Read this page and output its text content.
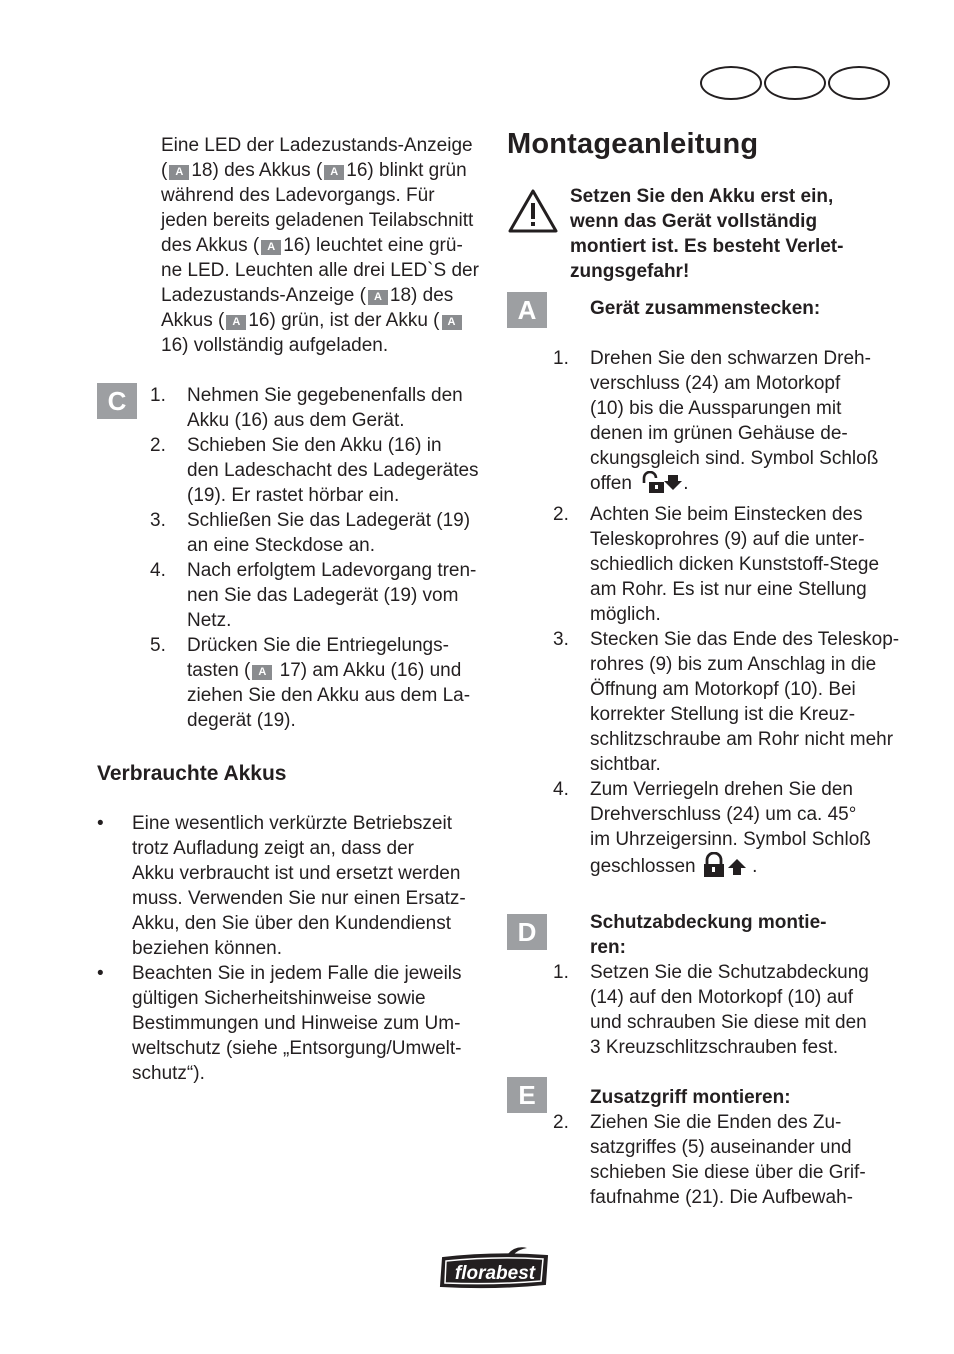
Eine LED der Ladezustands-Anzeige

( A 18) des Akkus ( A 16) blinkt grün

während des Ladevorgangs. Für

jeden bereits geladenen Teilabschnitt

des Akkus ( A 16) leuchtet eine grü-

ne LED. Leuchten alle drei LED`S der

Ladezustands-Anzeige ( A 18) des

Akkus ( A 16) grün, ist der Akku ( A

16) vollständig aufgeladen.

C	1.	Nehmen Sie gegebenenfalls den
Akku (16) aus dem Gerät.
2.	Schieben Sie den Akku (16) in
den Ladeschacht des Ladegerätes
(19). Er rastet hörbar ein.
3.	Schließen Sie das Ladegerät (19)
an eine Steckdose an.
4.	Nach erfolgtem Ladevorgang tren-
nen Sie das Ladegerät (19) vom
Netz.
5.	Drücken Sie die Entriegelungs-
tasten ( A 17) am Akku (16) und
ziehen Sie den Akku aus dem La-
degerät (19).
Verbrauchte Akkus
• Eine wesentlich verkürzte Betriebszeit
trotz Aufladung zeigt an, dass der
Akku verbraucht ist und ersetzt werden
muss. Verwenden Sie nur einen Ersatz-
Akku, den Sie über den Kundendienst
beziehen können.
• Beachten Sie in jedem Falle die jeweils
gültigen Sicherheitshinweise sowie
Bestimmungen und Hinweise zum Um-
weltschutz (siehe „Entsorgung/Umwelt-
schutz“).
Montageanleitung
Setzen Sie den Akku erst ein,
wenn das Gerät vollständig
montiert ist. Es besteht Verlet-
zungsgefahr!
A	Gerät zusammenstecken:

1.	Drehen Sie den schwarzen Dreh-
verschluss (24) am Motorkopf
(10) bis die Aussparungen mit
denen im grünen Gehäuse de-
ckungsgleich sind. Symbol Schloß
offen .
2.	Achten Sie beim Einstecken des
Teleskoprohres (9) auf die unter-
schiedlich dicken Kunststoff-Stege
am Rohr. Es ist nur eine Stellung
möglich.
3.	Stecken Sie das Ende des Teleskop-
rohres (9) bis zum Anschlag in die
Öffnung am Motorkopf (10). Bei
korrekter Stellung ist die Kreuz-
schlitzschraube am Rohr nicht mehr
sichtbar.
4.	Zum Verriegeln drehen Sie den
Drehverschluss (24) um ca. 45°
im Uhrzeigersinn. Symbol Schloß
geschlossen  .
D	Schutzabdeckung montie-
ren:

1.	Setzen Sie die Schutzabdeckung
(14) auf den Motorkopf (10) auf
und schrauben Sie diese mit den
3 Kreuzschlitzschrauben fest.
E	Zusatzgriff montieren:

2.	Ziehen Sie die Enden des Zu-
satzgriffes (5) auseinander und
schieben Sie diese über die Grif-
faufnahme (21). Die Aufbewah-
florabest
